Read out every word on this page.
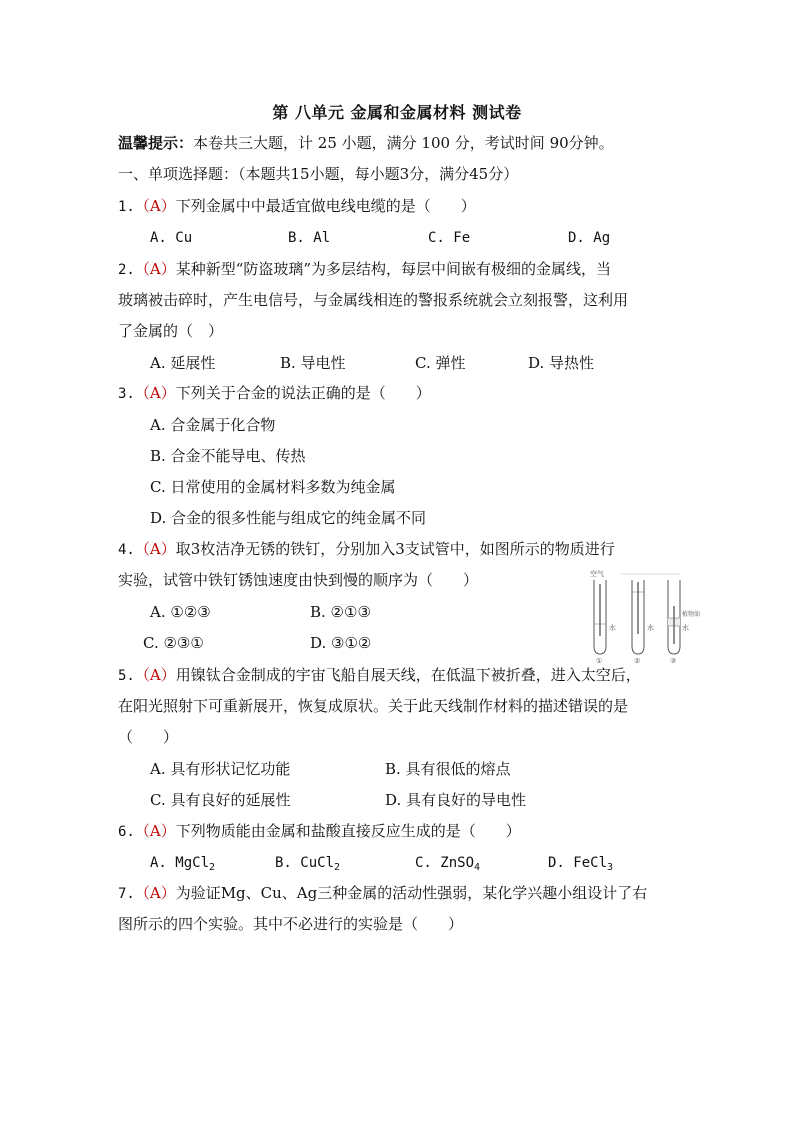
第 八单元 金属和金属材料 测试卷
温馨提示：本卷共三大题，计 25 小题，满分 100 分，考试时间 90分钟。
一、单项选择题：（本题共15小题，每小题3分，满分45分）
1.（A）下列金属中中最适宜做电线电缆的是（　　）
A. Cu	B. Al	C. Fe	D. Ag
2.（A）某种新型“防盗玻璃”为多层结构，每层中间嵌有极细的金属线，当
玻璃被击碎时，产生电信号，与金属线相连的警报系统就会立刻报警，这利用
了金属的（　）
A. 延展性	B. 导电性	C. 弹性	D. 导热性
3.（A）下列关于合金的说法正确的是（　　）
A. 合金属于化合物
B. 合金不能导电、传热
C. 日常使用的金属材料多数为纯金属
D. 合金的很多性能与组成它的纯金属不同
4.（A）取3枚洁净无锈的铁钉，分别加入3支试管中，如图所示的物质进行
实验，试管中铁钉锈蚀速度由快到慢的顺序为（　　）
A. ①②③	B. ②①③
C. ②③①	D. ③①②
空气
水
①
水
②
植物油
水
③
5.（A）用镍钛合金制成的宇宙飞船自展天线，在低温下被折叠，进入太空后，
在阳光照射下可重新展开，恢复成原状。关于此天线制作材料的描述错误的是
（　　）
A. 具有形状记忆功能	B. 具有很低的熔点
C. 具有良好的延展性	D. 具有良好的导电性
6.（A）下列物质能由金属和盐酸直接反应生成的是（　　）
A. MgCl$_2$	B. CuCl$_2$	C. ZnSO$_4$	D. FeCl$_3$
7.（A）为验证Mg、Cu、Ag三种金属的活动性强弱，某化学兴趣小组设计了右
图所示的四个实验。其中不必进行的实验是（　　）
